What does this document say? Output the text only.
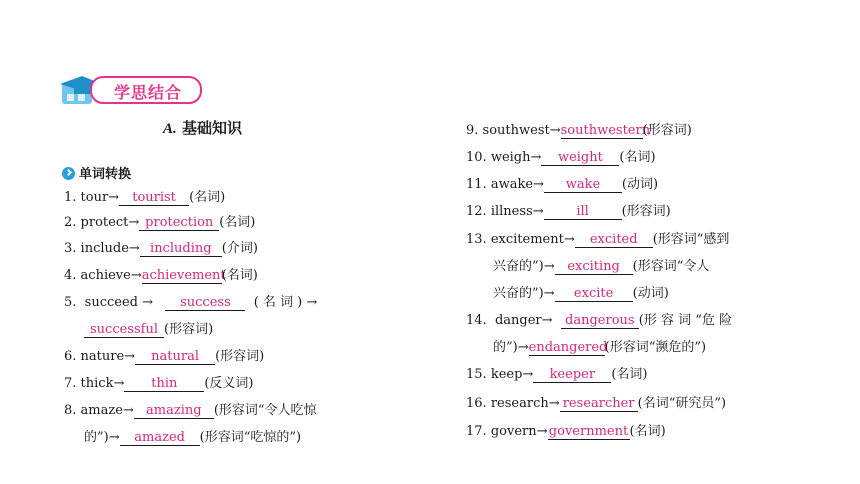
学思结合
A. 基础知识
单词转换
1. tour→ tourist (名词)
2. protect→ protection (名词)
3. include→ including (介词)
4. achieve→achievement(名词)
5. succeed → success ( 名 词 ) →
successful (形容词)
6. nature→ natural (形容词)
7. thick→ thin (反义词)
8. amaze→ amazing (形容词“令人吃惊
的”)→ amazed (形容词“吃惊的”)
9. southwest→southwestern(形容词)
10. weigh→ weight (名词)
11. awake→ wake (动词)
12. illness→	ill	(形容词)
13. excitement→ excited (形容词“感到
兴奋的”)→ exciting (形容词“令人
兴奋的”)→ excite (动词)
14. danger→ dangerous (形 容 词 “危 险
的”)→endangered(形容词“濒危的”)
15. keep→ keeper (名词)
16. research→ researcher (名词“研究员”)
17. govern→government(名词)
